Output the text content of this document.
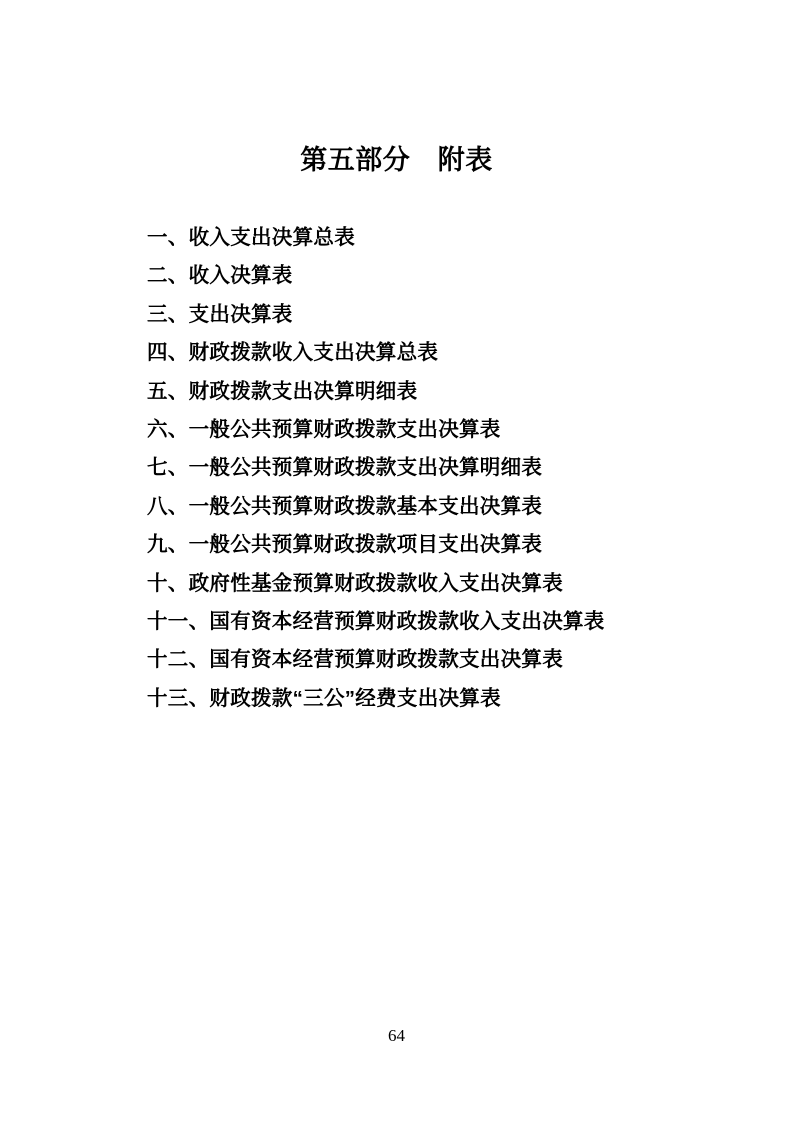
第五部分　附表
一、收入支出决算总表
二、收入决算表
三、支出决算表
四、财政拨款收入支出决算总表
五、财政拨款支出决算明细表
六、一般公共预算财政拨款支出决算表
七、一般公共预算财政拨款支出决算明细表
八、一般公共预算财政拨款基本支出决算表
九、一般公共预算财政拨款项目支出决算表
十、政府性基金预算财政拨款收入支出决算表
十一、国有资本经营预算财政拨款收入支出决算表
十二、国有资本经营预算财政拨款支出决算表
十三、财政拨款“三公”经费支出决算表
64
